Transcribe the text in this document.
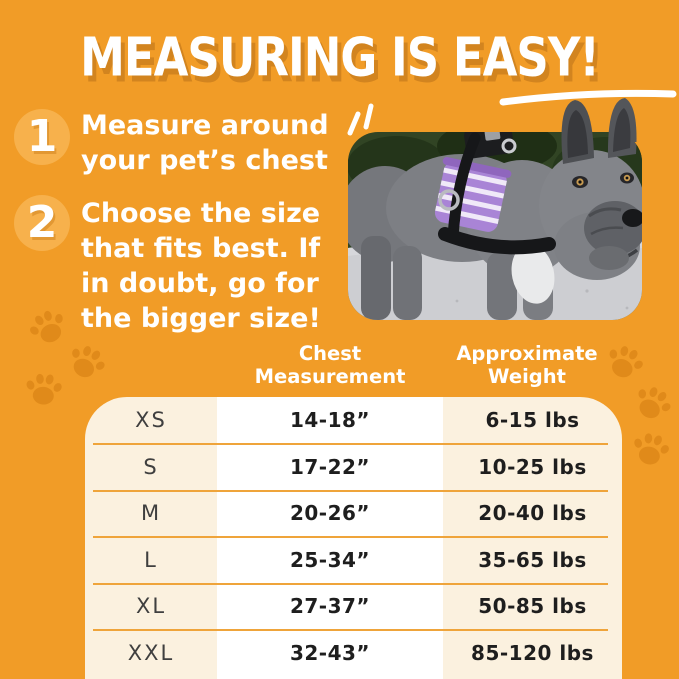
MEASURING IS EASY!
1 Measure around
your pet’s chest
2 Choose the size
that fits best. If
in doubt, go for
the bigger size!
Chest
Measurement
Approximate
Weight
XS	14-18”	6-15 lbs
S	17-22”	10-25 lbs
M	20-26”	20-40 lbs
L	25-34”	35-65 lbs
XL	27-37”	50-85 lbs
XXL	32-43”	85-120 lbs
